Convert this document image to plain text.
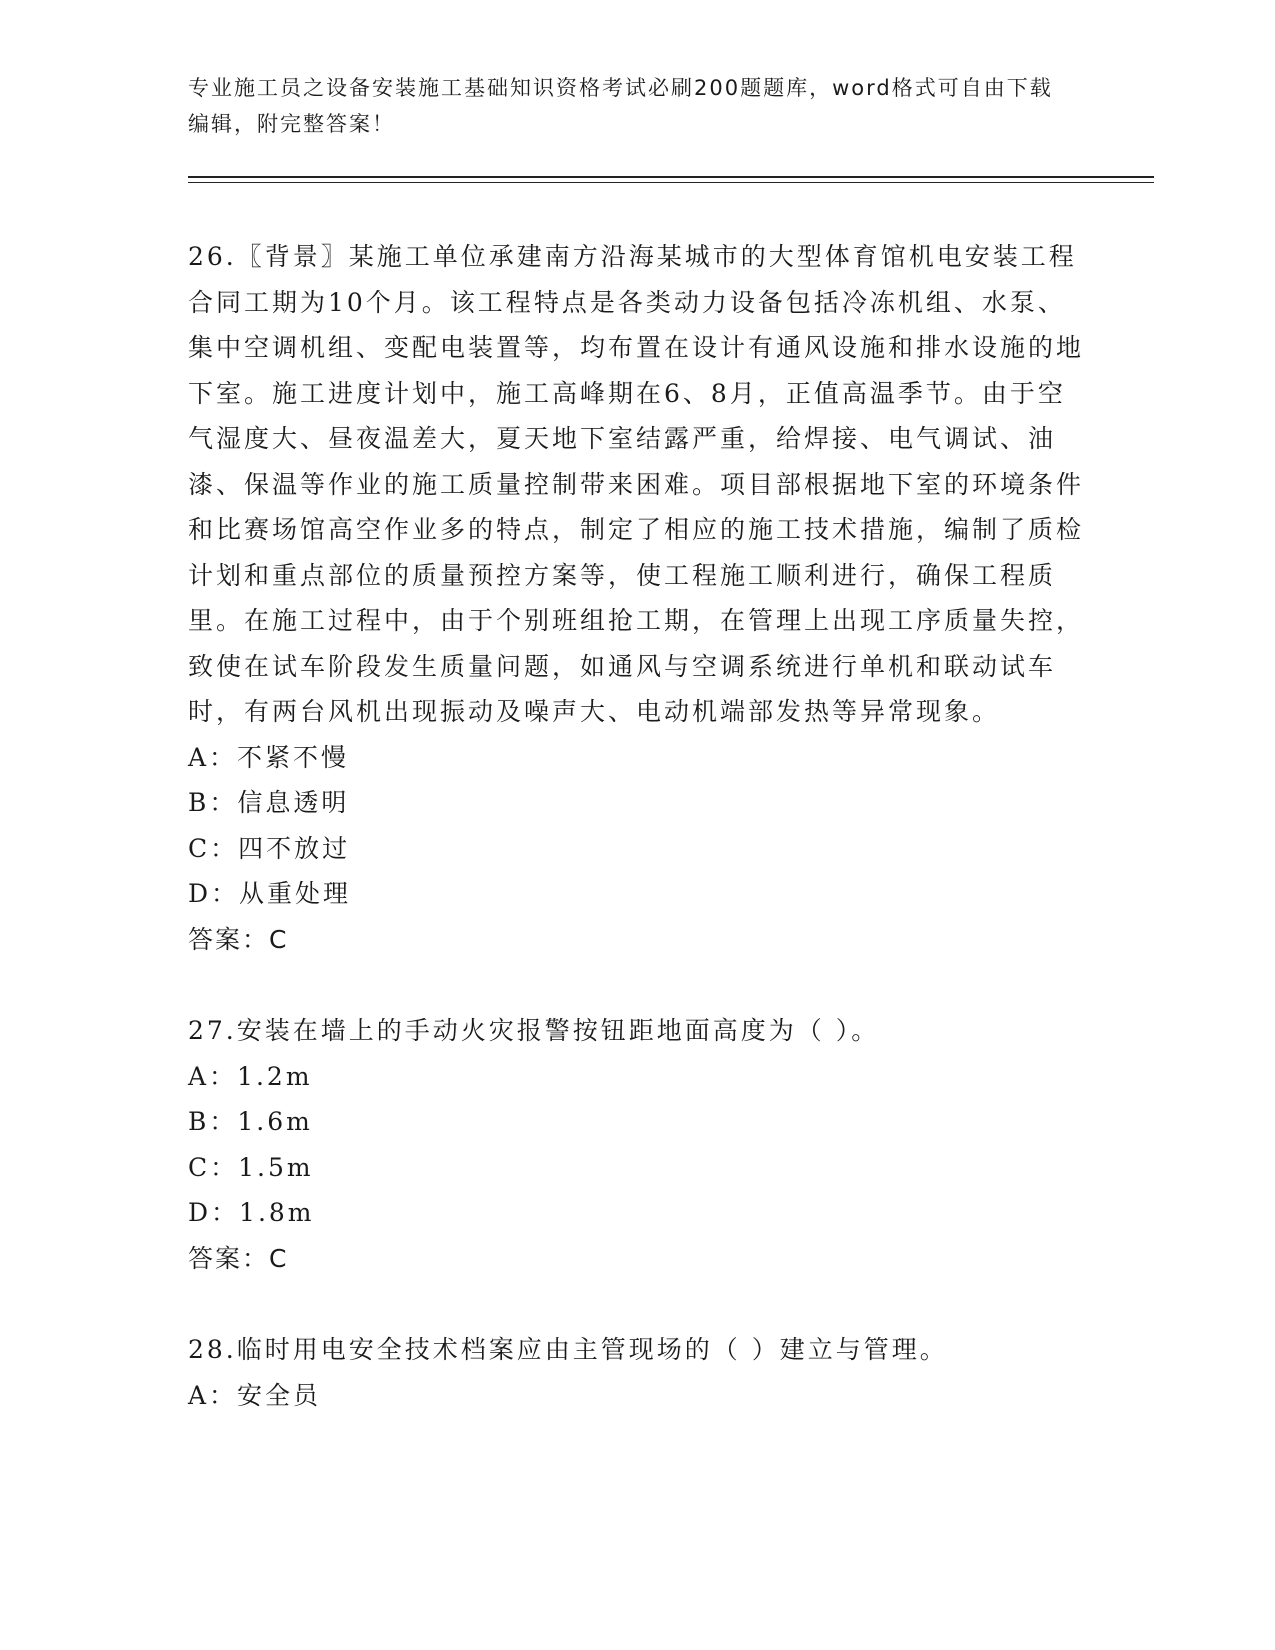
专业施工员之设备安装施工基础知识资格考试必刷200题题库，word格式可自由下载编辑，附完整答案！

26.〖背景〗某施工单位承建南方沿海某城市的大型体育馆机电安装工程合同工期为10个月。该工程特点是各类动力设备包括冷冻机组、水泵、集中空调机组、变配电装置等，均布置在设计有通风设施和排水设施的地下室。施工进度计划中，施工高峰期在6、8月，正值高温季节。由于空气湿度大、昼夜温差大，夏天地下室结露严重，给焊接、电气调试、油漆、保温等作业的施工质量控制带来困难。项目部根据地下室的环境条件和比赛场馆高空作业多的特点，制定了相应的施工技术措施，编制了质检计划和重点部位的质量预控方案等，使工程施工顺利进行，确保工程质里。在施工过程中，由于个别班组抢工期，在管理上出现工序质量失控，致使在试车阶段发生质量问题，如通风与空调系统进行单机和联动试车时，有两台风机出现振动及噪声大、电动机端部发热等异常现象。

A：不紧不慢

B：信息透明

C：四不放过

D：从重处理

答案：C

27.安装在墙上的手动火灾报警按钮距地面高度为（ ）。

A：1.2m

B：1.6m

C：1.5m

D：1.8m

答案：C

28.临时用电安全技术档案应由主管现场的（ ）建立与管理。

A：安全员
